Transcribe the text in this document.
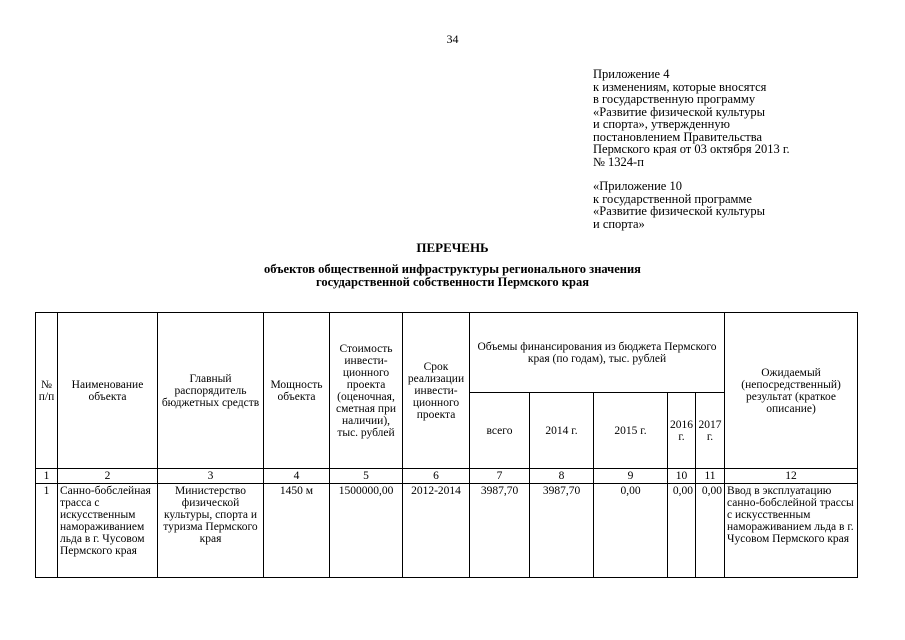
34
Приложение 4
к изменениям, которые вносятся
в государственную программу
«Развитие физической культуры
и спорта», утвержденную
постановлением Правительства
Пермского края от 03 октября 2013 г.
№ 1324-п
«Приложение 10
к государственной программе
«Развитие физической культуры
и спорта»
ПЕРЕЧЕНЬ
объектов общественной инфраструктуры регионального значения
государственной собственности Пермского края
№ п/п	Наименование объекта	Главный распорядитель бюджетных средств	Мощность объекта	Стоимость инвести-ционного проекта (оценочная, сметная при наличии), тыс. рублей	Срок реализации инвести-ционного проекта	Объемы финансирования из бюджета Пермского края (по годам), тыс. рублей					Ожидаемый (непосредственный) результат (краткое описание)
						всего	2014 г.	2015 г.	2016 г.	2017 г.	
1	2	3	4	5	6	7	8	9	10	11	12
1	Санно-бобслейная трасса с искусственным намораживанием льда в г. Чусовом Пермского края	Министерство физической культуры, спорта и туризма Пермского края	1450 м	1500000,00	2012-2014	3987,70	3987,70	0,00	0,00	0,00	Ввод в эксплуатацию санно-бобслейной трассы с искусственным намораживанием льда в г. Чусовом Пермского края
